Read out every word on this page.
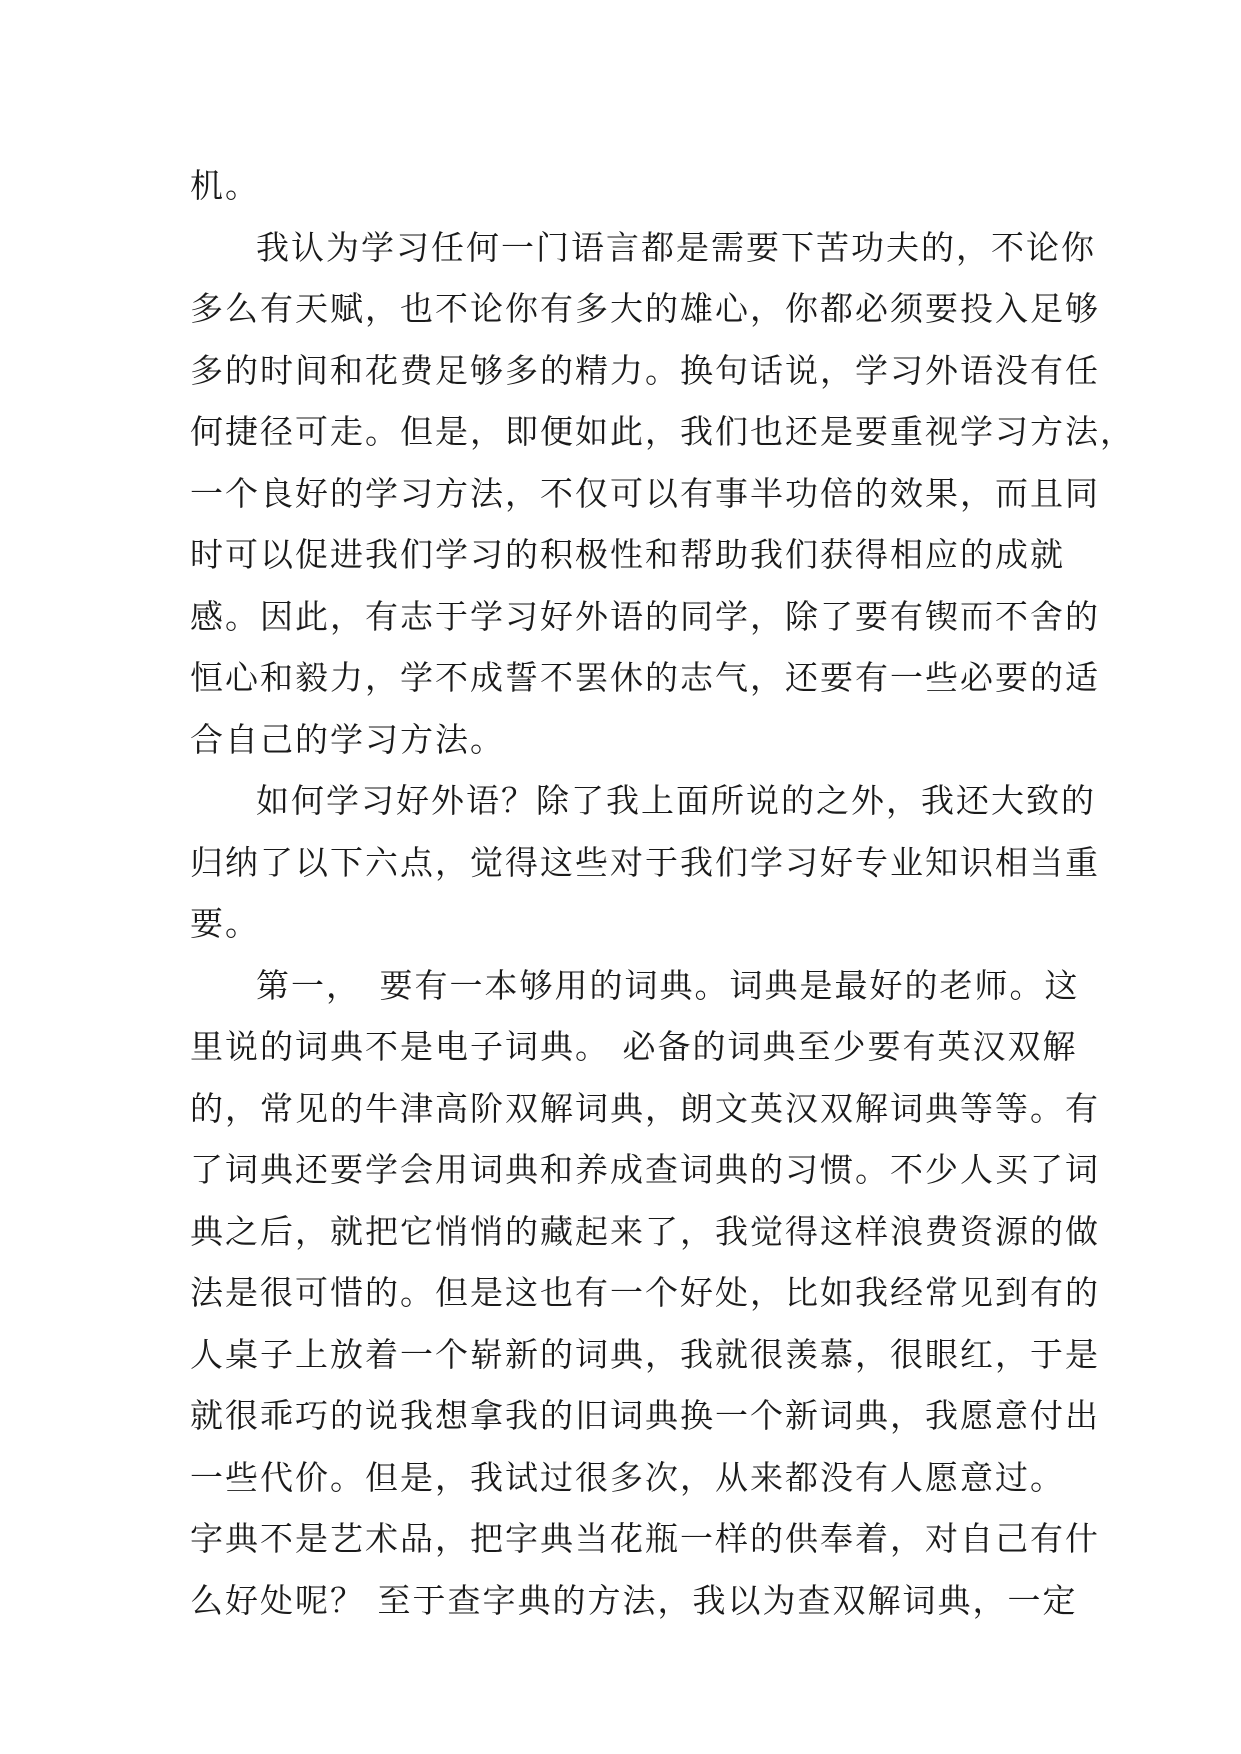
机。
我认为学习任何一门语言都是需要下苦功夫的，不论你
多么有天赋，也不论你有多大的雄心，你都必须要投入足够
多的时间和花费足够多的精力。换句话说，学习外语没有任
何捷径可走。但是，即便如此，我们也还是要重视学习方法，
一个良好的学习方法，不仅可以有事半功倍的效果，而且同
时可以促进我们学习的积极性和帮助我们获得相应的成就
感。因此，有志于学习好外语的同学，除了要有锲而不舍的
恒心和毅力，学不成誓不罢休的志气，还要有一些必要的适
合自己的学习方法。
如何学习好外语？除了我上面所说的之外，我还大致的
归纳了以下六点，觉得这些对于我们学习好专业知识相当重
要。
第一，　要有一本够用的词典。词典是最好的老师。这
里说的词典不是电子词典。 必备的词典至少要有英汉双解
的，常见的牛津高阶双解词典，朗文英汉双解词典等等。有
了词典还要学会用词典和养成查词典的习惯。不少人买了词
典之后，就把它悄悄的藏起来了，我觉得这样浪费资源的做
法是很可惜的。但是这也有一个好处，比如我经常见到有的
人桌子上放着一个崭新的词典，我就很羡慕，很眼红，于是
就很乖巧的说我想拿我的旧词典换一个新词典，我愿意付出
一些代价。但是，我试过很多次，从来都没有人愿意过。
字典不是艺术品，把字典当花瓶一样的供奉着，对自己有什
么好处呢？ 至于查字典的方法，我以为查双解词典，一定
